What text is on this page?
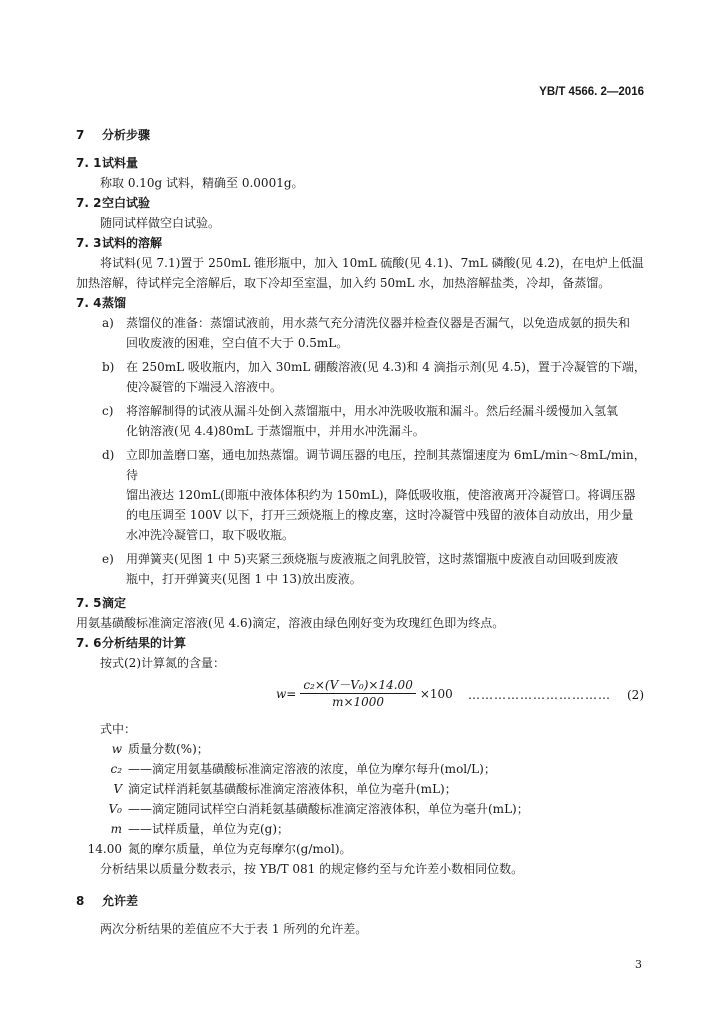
YB/T 4566. 2—2016
7 分析步骤
7. 1试料量

称取 0.10g 试料，精确至 0.0001g。

7. 2空白试验

随同试样做空白试验。

7. 3试料的溶解

将试料(见 7.1)置于 250mL 锥形瓶中，加入 10mL 硫酸(见 4.1)、7mL 磷酸(见 4.2)，在电炉上低温

加热溶解，待试样完全溶解后，取下冷却至室温，加入约 50mL 水，加热溶解盐类，冷却，备蒸馏。

7. 4蒸馏
a) 蒸馏仪的准备：蒸馏试液前，用水蒸气充分清洗仪器并检查仪器是否漏气，以免造成氨的损失和
回收废液的困难，空白值不大于 0.5mL。
b) 在 250mL 吸收瓶内，加入 30mL 硼酸溶液(见 4.3)和 4 滴指示剂(见 4.5)，置于冷凝管的下端，
使冷凝管的下端浸入溶液中。
c) 将溶解制得的试液从漏斗处倒入蒸馏瓶中，用水冲洗吸收瓶和漏斗。然后经漏斗缓慢加入氢氧
化钠溶液(见 4.4)80mL 于蒸馏瓶中，并用水冲洗漏斗。
d) 立即加盖磨口塞，通电加热蒸馏。调节调压器的电压，控制其蒸馏速度为 6mL/min～8mL/min，待
馏出液达 120mL(即瓶中液体体积约为 150mL)，降低吸收瓶，使溶液离开冷凝管口。将调压器
的电压调至 100V 以下，打开三颈烧瓶上的橡皮塞，这时冷凝管中残留的液体自动放出，用少量
水冲洗冷凝管口，取下吸收瓶。
e) 用弹簧夹(见图 1 中 5)夹紧三颈烧瓶与废液瓶之间乳胶管，这时蒸馏瓶中废液自动回吸到废液
瓶中，打开弹簧夹(见图 1 中 13)放出废液。
7. 5滴定

用氨基磺酸标准滴定溶液(见 4.6)滴定，溶液由绿色刚好变为玫瑰红色即为终点。

7. 6分析结果的计算

按式(2)计算氮的含量：

$w= \frac{\text{c₂×(V－V₀)×14.00}}{m\times 1000} \times 100$ …………………………… (2)

式中：

w 质量分数(%)；
c₂ ——滴定用氨基磺酸标准滴定溶液的浓度，单位为摩尔每升(mol/L)；
V 滴定试样消耗氨基磺酸标准滴定溶液体积，单位为毫升(mL)；
V₀ ——滴定随同试样空白消耗氨基磺酸标准滴定溶液体积，单位为毫升(mL)；
m ——试样质量，单位为克(g)；
14.00 氮的摩尔质量，单位为克每摩尔(g/mol)。

分析结果以质量分数表示，按 YB/T 081 的规定修约至与允许差小数相同位数。

8 允许差

两次分析结果的差值应不大于表 1 所列的允许差。

3
